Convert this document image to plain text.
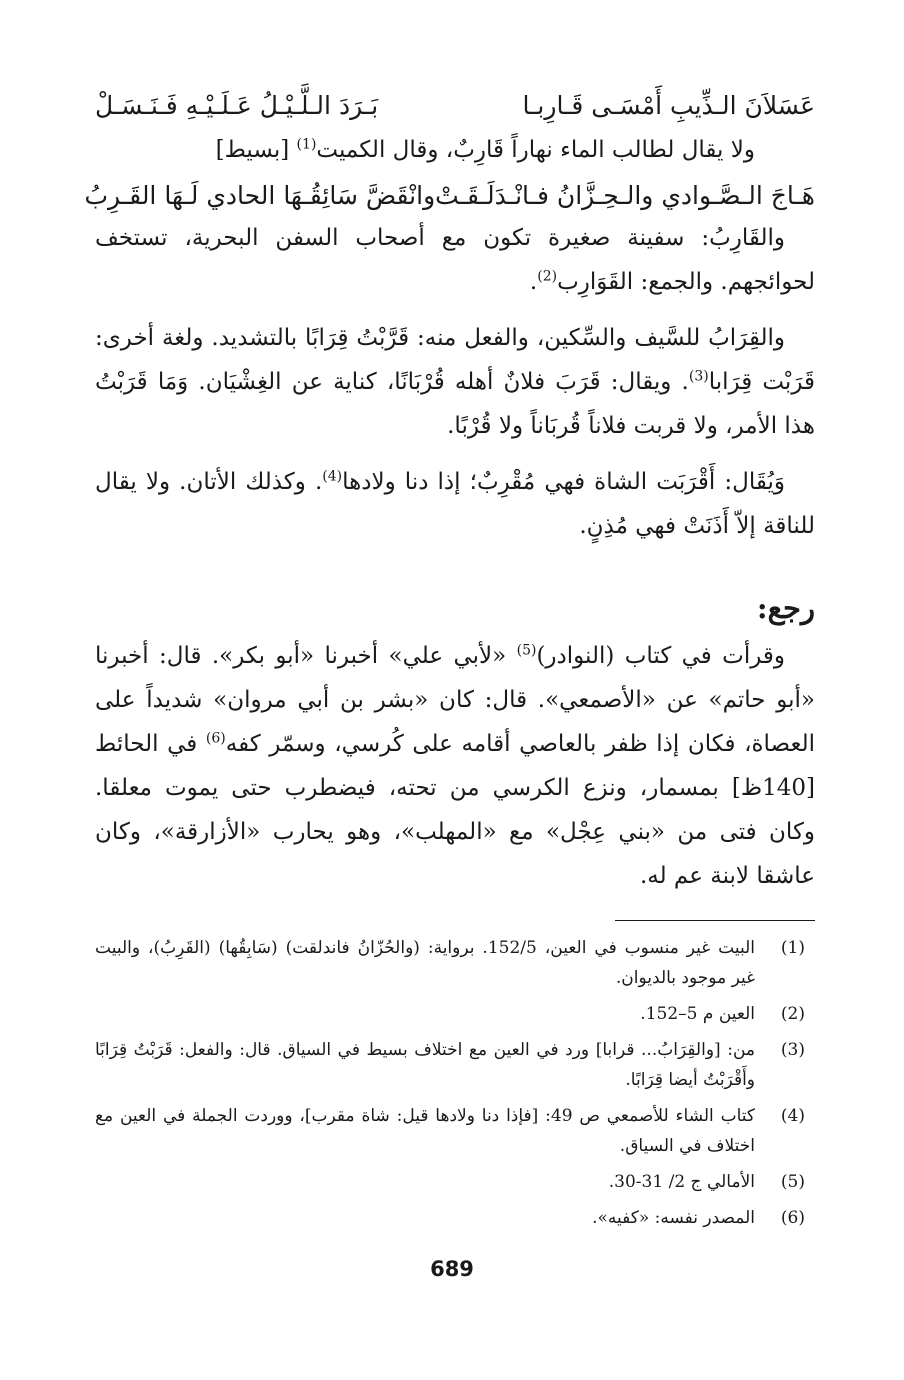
عَسَلاَنَ الـذِّيبِ أَمْسَـى قَـارِبـا
بَـرَدَ الـلَّـيْـلُ عَـلَـيْـهِ فَـنَـسَـلْ

ولا يقال لطالب الماء نهاراً قَارِبٌ، وقال الكميت$^{(1)}$ [بسيط]

هَـاجَ الـصَّـوادي والـحِـزَّانُ فـانْـدَلَـقَـتْ
وانْقَضَّ سَائِقُـهَا الحادي لَـهَا القَـرِبُ

والقَارِبُ: سفينة صغيرة تكون مع أصحاب السفن البحرية، تستخف لحوائجهم. والجمع: القَوَارِب$^{(2)}$.

والقِرَابُ للسَّيف والسِّكين، والفعل منه: قَرَّبْتُ قِرَابًا بالتشديد. ولغة أخرى: قَرَبْت قِرَابا$^{(3)}$. ويقال: قَرَبَ فلانٌ أهله قُرْبَانًا، كناية عن الغِشْيَان. وَمَا قَرَبْتُ هذا الأمر، ولا قربت فلاناً قُربَاناً ولا قُرْبًا.

وَيُقَال: أَقْرَبَت الشاة فهي مُقْرِبٌ؛ إذا دنا ولادها$^{(4)}$. وكذلك الأتان. ولا يقال للناقة إلاّ أَذَنَتْ فهي مُذِنٍ.

رجع:

وقرأت في كتاب (النوادر)$^{(5)}$ «لأبي علي» أخبرنا «أبو بكر». قال: أخبرنا «أبو حاتم» عن «الأصمعي». قال: كان «بشر بن أبي مروان» شديداً على العصاة، فكان إذا ظفر بالعاصي أقامه على كُرسي، وسمّر كفه$^{(6)}$ في الحائط [140ظ] بمسمار، ونزع الكرسي من تحته، فيضطرب حتى يموت معلقا. وكان فتى من «بني عِجْل» مع «المهلب»، وهو يحارب «الأزارقة»، وكان عاشقا لابنة عم له.

(1)
البيت غير منسوب في العين، 152/5. برواية: (والحُزّانُ فاندلقت) (سَابِقُها) (القَرِبُ)، والبيت غير موجود بالديوان.
(2)
العين م 5–152.
(3)
من: [والقِرَابُ... قرابا] ورد في العين مع اختلاف بسيط في السياق. قال: والفعل: قَرَبْتُ قِرَابًا وأَقْرَبْتُ أيضا قِرَابًا.
(4)
كتاب الشاء للأصمعي ص 49: [فإذا دنا ولادها قيل: شاة مقرب]، ووردت الجملة في العين مع اختلاف في السياق.
(5)
الأمالي ج 2/ 31-30.
(6)
المصدر نفسه: «كفيه».
689
